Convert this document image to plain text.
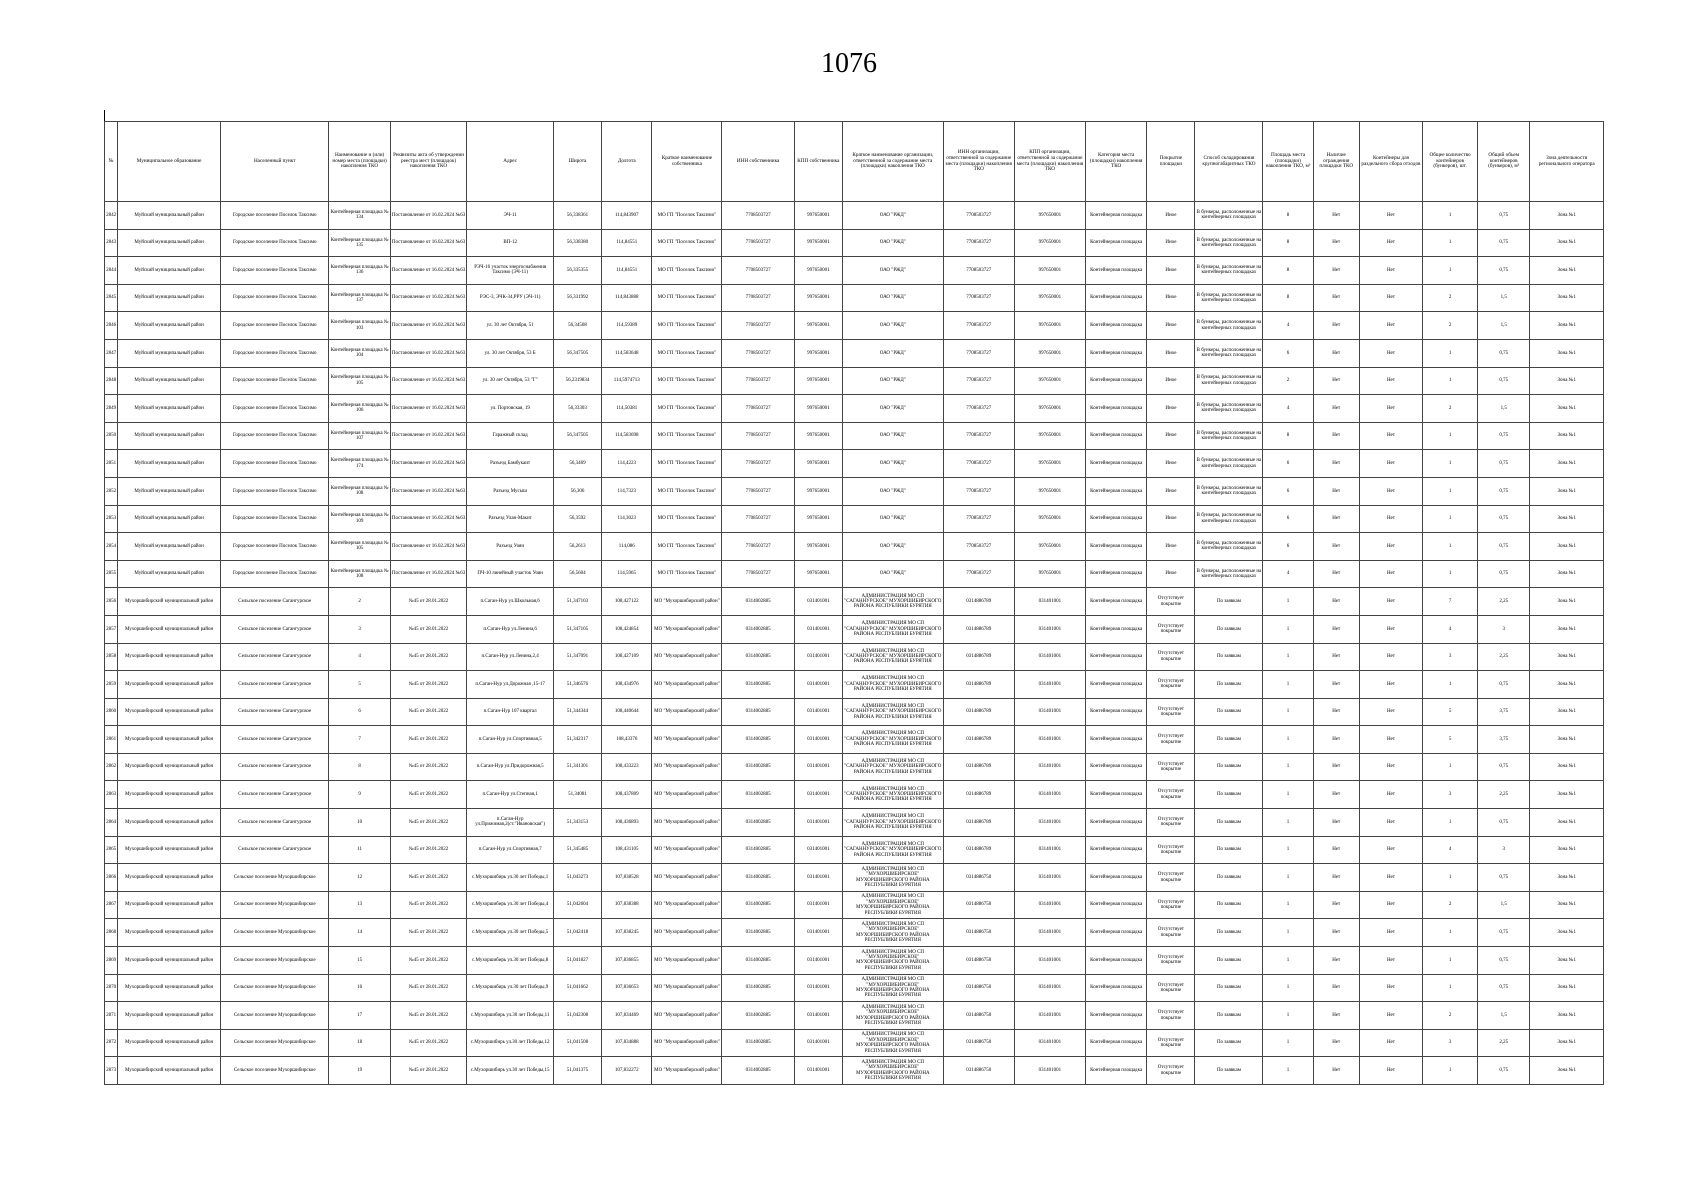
1076
№	Муниципальное образование	Населенный пункт	Наименование и (или) номер места (площадки) накопления ТКО	Реквизиты акта об утверждении реестра мест (площадок) накопления ТКО	Адрес	Широта	Долгота	Краткое наименование собственника	ИНН собственника	КПП собственника	Краткое наименование организации, ответственной за содержание места (площадки) накопления ТКО	ИНН организации, ответственной за содержание места (площадки) накопления ТКО	КПП организации, ответственной за содержание места (площадки) накопления ТКО	Категория места (площадки) накопления ТКО	Покрытие площадки	Способ складирования крупногабаритных ТКО	Площадь места (площадки) накопления ТКО, м²	Наличие ограждения площадки ТКО	Контейнеры для раздельного сбора отходов	Общее количество контейнеров (бункеров), шт.	Общий объем контейнеров (бункеров), м³	Зона деятельности регионального оператора
2842	Муйский муниципальный район	Городское поселение Поселок Таксимо	Контейнерная площадка № 134	Постановление от 16.02.2024 №63	ЭЧ-11	56,338361	114,843907	МО ГП "Поселок Таксимо"	7708503727	997650001	ОАО "РЖД"	7708503727	997650001	Контейнерная площадка	Иное	В бункеры, расположенные на контейнерных площадках	8	Нет	Нет	1	0,75	Зона №1
2843	Муйский муниципальный район	Городское поселение Поселок Таксимо	Контейнерная площадка № 135	Постановление от 16.02.2024 №63	ВП-12	56,338380	114,84551	МО ГП "Поселок Таксимо"	7708503727	997650001	ОАО "РЖД"	7708503727	997650001	Контейнерная площадка	Иное	В бункеры, расположенные на контейнерных площадках	8	Нет	Нет	1	0,75	Зона №1
2844	Муйский муниципальный район	Городское поселение Поселок Таксимо	Контейнерная площадка № 136	Постановление от 16.02.2024 №63	РЭЧ-16 участок энергоснабжения Таксимо (ЭЧ-11)	56,335355	114,84551	МО ГП "Поселок Таксимо"	7708503727	997650001	ОАО "РЖД"	7708503727	997650001	Контейнерная площадка	Иное	В бункеры, расположенные на контейнерных площадках	8	Нет	Нет	1	0,75	Зона №1
2845	Муйский муниципальный район	Городское поселение Поселок Таксимо	Контейнерная площадка № 137	Постановление от 16.02.2024 №63	РЭС-3, ЭЧК-34,РРУ (ЭЧ-11)	56,331992	114,843888	МО ГП "Поселок Таксимо"	7708503727	997650001	ОАО "РЖД"	7708503727	997650001	Контейнерная площадка	Иное	В бункеры, расположенные на контейнерных площадках	8	Нет	Нет	2	1,5	Зона №1
2846	Муйский муниципальный район	Городское поселение Поселок Таксимо	Контейнерная площадка № 103	Постановление от 16.02.2024 №63	ул. 30 лет Октября, 51	56,34508	114,59389	МО ГП "Поселок Таксимо"	7708503727	997650001	ОАО "РЖД"	7708503727	997650001	Контейнерная площадка	Иное	В бункеры, расположенные на контейнерных площадках	4	Нет	Нет	2	1,5	Зона №1
2847	Муйский муниципальный район	Городское поселение Поселок Таксимо	Контейнерная площадка № 104	Постановление от 16.02.2024 №63	ул. 30 лет Октября, 53 Б	56,347505	114,583648	МО ГП "Поселок Таксимо"	7708503727	997650001	ОАО "РЖД"	7708503727	997650001	Контейнерная площадка	Иное	В бункеры, расположенные на контейнерных площадках	6	Нет	Нет	1	0,75	Зона №1
2848	Муйский муниципальный район	Городское поселение Поселок Таксимо	Контейнерная площадка № 105	Постановление от 16.02.2024 №63	ул. 30 лет Октября, 53 "Г"	56,2319834	114,5974713	МО ГП "Поселок Таксимо"	7708503727	997650001	ОАО "РЖД"	7708503727	997650001	Контейнерная площадка	Иное	В бункеры, расположенные на контейнерных площадках	2	Нет	Нет	1	0,75	Зона №1
2849	Муйский муниципальный район	Городское поселение Поселок Таксимо	Контейнерная площадка № 106	Постановление от 16.02.2024 №63	ул. Портовская, 19	56,33303	114,50381	МО ГП "Поселок Таксимо"	7708503727	997650001	ОАО "РЖД"	7708503727	997650001	Контейнерная площадка	Иное	В бункеры, расположенные на контейнерных площадках	4	Нет	Нет	2	1,5	Зона №1
2850	Муйский муниципальный район	Городское поселение Поселок Таксимо	Контейнерная площадка № 107	Постановление от 16.02.2024 №63	Гаражный склад	56,347505	114,583698	МО ГП "Поселок Таксимо"	7708503727	997650001	ОАО "РЖД"	7708503727	997650001	Контейнерная площадка	Иное	В бункеры, расположенные на контейнерных площадках	8	Нет	Нет	1	0,75	Зона №1
2851	Муйский муниципальный район	Городское поселение Поселок Таксимо	Контейнерная площадка № 174	Постановление от 16.02.2024 №63	Разъезд Бамбукаит	56,3469	114,4223	МО ГП "Поселок Таксимо"	7708503727	997650001	ОАО "РЖД"	7708503727	997650001	Контейнерная площадка	Иное	В бункеры, расположенные на контейнерных площадках	6	Нет	Нет	1	0,75	Зона №1
2852	Муйский муниципальный район	Городское поселение Поселок Таксимо	Контейнерная площадка № 108	Постановление от 16.02.2024 №63	Разъезд Мусыш	56,306	114,7323	МО ГП "Поселок Таксимо"	7708503727	997650001	ОАО "РЖД"	7708503727	997650001	Контейнерная площадка	Иное	В бункеры, расположенные на контейнерных площадках	6	Нет	Нет	1	0,75	Зона №1
2853	Муйский муниципальный район	Городское поселение Поселок Таксимо	Контейнерная площадка № 109	Постановление от 16.02.2024 №63	Разъезд Улан-Макит	56,3592	114,3023	МО ГП "Поселок Таксимо"	7708503727	997650001	ОАО "РЖД"	7708503727	997650001	Контейнерная площадка	Иное	В бункеры, расположенные на контейнерных площадках	6	Нет	Нет	1	0,75	Зона №1
2854	Муйский муниципальный район	Городское поселение Поселок Таксимо	Контейнерная площадка № 105	Постановление от 16.02.2024 №63	Разъезд Уоян	56,2613	114,086	МО ГП "Поселок Таксимо"	7708503727	997650001	ОАО "РЖД"	7708503727	997650001	Контейнерная площадка	Иное	В бункеры, расположенные на контейнерных площадках	6	Нет	Нет	1	0,75	Зона №1
2855	Муйский муниципальный район	Городское поселение Поселок Таксимо	Контейнерная площадка № 108	Постановление от 16.02.2024 №63	ПЧ-10 линейный участок Уоян	56,5604	114,5965	МО ГП "Поселок Таксимо"	7708503727	997650001	ОАО "РЖД"	7708503727	997650001	Контейнерная площадка	Иное	В бункеры, расположенные на контейнерных площадках	4	Нет	Нет	1	0,75	Зона №1
2856	Мухоршибирский муниципальный район	Сельское поселение Сагангурское	2	№45 от 28.01.2022	п.Саган-Нур ул.Школьная,6	51,347103	108,427122	МО "Мухоршибирский район"	0314002885	031401001	АДМИНИСТРАЦИЯ МО СП "САГАННУРСКОЕ" МУХОРШИБИРСКОГО РАЙОНА РЕСПУБЛИКИ БУРЯТИЯ	0314886789	031401001	Контейнерная площадка	Отсутствует покрытие	По заявкам	1	Нет	Нет	7	2,25	Зона №1
2857	Мухоршибирский муниципальный район	Сельское поселение Сагангурское	3	№45 от 28.01.2022	п.Саган-Нур ул.Ленина,6	51,347105	108,424854	МО "Мухоршибирский район"	0314002885	031401001	АДМИНИСТРАЦИЯ МО СП "САГАННУРСКОЕ" МУХОРШИБИРСКОГО РАЙОНА РЕСПУБЛИКИ БУРЯТИЯ	0314886789	031401001	Контейнерная площадка	Отсутствует покрытие	По заявкам	1	Нет	Нет	4	3	Зона №1
2858	Мухоршибирский муниципальный район	Сельское поселение Сагангурское	4	№45 от 28.01.2022	п.Саган-Нур ул.Ленина,2,4	51,347091	108,427109	МО "Мухоршибирский район"	0314002885	031401001	АДМИНИСТРАЦИЯ МО СП "САГАННУРСКОЕ" МУХОРШИБИРСКОГО РАЙОНА РЕСПУБЛИКИ БУРЯТИЯ	0314886789	031401001	Контейнерная площадка	Отсутствует покрытие	По заявкам	1	Нет	Нет	3	2,25	Зона №1
2859	Мухоршибирский муниципальный район	Сельское поселение Сагангурское	5	№45 от 28.01.2022	п.Саган-Нур ул.Дорожная ,15-17	51,346576	108,434976	МО "Мухоршибирский район"	0314002885	031401001	АДМИНИСТРАЦИЯ МО СП "САГАННУРСКОЕ" МУХОРШИБИРСКОГО РАЙОНА РЕСПУБЛИКИ БУРЯТИЯ	0314886789	031401001	Контейнерная площадка	Отсутствует покрытие	По заявкам	1	Нет	Нет	1	0,75	Зона №1
2860	Мухоршибирский муниципальный район	Сельское поселение Сагангурское	6	№45 от 28.01.2022	п.Саган-Нур 107 квартал	51,344344	108,440644	МО "Мухоршибирский район"	0314002885	031401001	АДМИНИСТРАЦИЯ МО СП "САГАННУРСКОЕ" МУХОРШИБИРСКОГО РАЙОНА РЕСПУБЛИКИ БУРЯТИЯ	0314886789	031401001	Контейнерная площадка	Отсутствует покрытие	По заявкам	1	Нет	Нет	5	3,75	Зона №1
2861	Мухоршибирский муниципальный район	Сельское поселение Сагангурское	7	№45 от 28.01.2022	п.Саган-Нур ул.Спортивная,5	51,342317	108,43376	МО "Мухоршибирский район"	0314002885	031401001	АДМИНИСТРАЦИЯ МО СП "САГАННУРСКОЕ" МУХОРШИБИРСКОГО РАЙОНА РЕСПУБЛИКИ БУРЯТИЯ	0314886789	031401001	Контейнерная площадка	Отсутствует покрытие	По заявкам	1	Нет	Нет	5	3,75	Зона №1
2862	Мухоршибирский муниципальный район	Сельское поселение Сагангурское	8	№45 от 28.01.2022	п.Саган-Нур ул.Придорожная,5	51,341301	108,433223	МО "Мухоршибирский район"	0314002885	031401001	АДМИНИСТРАЦИЯ МО СП "САГАННУРСКОЕ" МУХОРШИБИРСКОГО РАЙОНА РЕСПУБЛИКИ БУРЯТИЯ	0314886789	031401001	Контейнерная площадка	Отсутствует покрытие	По заявкам	1	Нет	Нет	1	0,75	Зона №1
2863	Мухоршибирский муниципальный район	Сельское поселение Сагангурское	9	№45 от 28.01.2022	п.Саган-Нур ул.Степная,1	51,34081	108,437809	МО "Мухоршибирский район"	0314002885	031401001	АДМИНИСТРАЦИЯ МО СП "САГАННУРСКОЕ" МУХОРШИБИРСКОГО РАЙОНА РЕСПУБЛИКИ БУРЯТИЯ	0314886789	031401001	Контейнерная площадка	Отсутствует покрытие	По заявкам	1	Нет	Нет	3	2,25	Зона №1
2864	Мухоршибирский муниципальный район	Сельское поселение Сагангурское	10	№45 от 28.01.2022	п.Саган-Нур ул.Прижимая,2(ст."Ивановская")	51,343153	108,436893	МО "Мухоршибирский район"	0314002885	031401001	АДМИНИСТРАЦИЯ МО СП "САГАННУРСКОЕ" МУХОРШИБИРСКОГО РАЙОНА РЕСПУБЛИКИ БУРЯТИЯ	0314886789	031401001	Контейнерная площадка	Отсутствует покрытие	По заявкам	1	Нет	Нет	1	0,75	Зона №1
2865	Мухоршибирский муниципальный район	Сельское поселение Сагангурское	11	№45 от 28.01.2022	п.Саган-Нур ул.Спортивная,7	51,345485	108,431105	МО "Мухоршибирский район"	0314002885	031401001	АДМИНИСТРАЦИЯ МО СП "САГАННУРСКОЕ" МУХОРШИБИРСКОГО РАЙОНА РЕСПУБЛИКИ БУРЯТИЯ	0314886789	031401001	Контейнерная площадка	Отсутствует покрытие	По заявкам	1	Нет	Нет	4	3	Зона №1
2866	Мухоршибирский муниципальный район	Сельское поселение Мухоршибирское	12	№45 от 28.01.2022	с.Мухоршибирь ул.30 лет Победы,1	51,043273	107,838528	МО "Мухоршибирский район"	0314002885	031401001	АДМИНИСТРАЦИЯ МО СП "МУХОРШИБИРСКОЕ" МУХОРШИБИРСКОГО РАЙОНА РЕСПУБЛИКИ БУРЯТИЯ	0314886750	031401001	Контейнерная площадка	Отсутствует покрытие	По заявкам	1	Нет	Нет	1	0,75	Зона №1
2867	Мухоршибирский муниципальный район	Сельское поселение Мухоршибирское	13	№45 от 28.01.2022	с.Мухоршибирь ул.30 лет Победы,4	51,042604	107,838388	МО "Мухоршибирский район"	0314002885	031401001	АДМИНИСТРАЦИЯ МО СП "МУХОРШИБИРСКОЕ" МУХОРШИБИРСКОГО РАЙОНА РЕСПУБЛИКИ БУРЯТИЯ	0314886750	031401001	Контейнерная площадка	Отсутствует покрытие	По заявкам	1	Нет	Нет	2	1,5	Зона №1
2868	Мухоршибирский муниципальный район	Сельское поселение Мухоршибирское	14	№45 от 28.01.2022	с.Мухоршибирь ул.30 лет Победы,5	51,042418	107,838245	МО "Мухоршибирский район"	0314002885	031401001	АДМИНИСТРАЦИЯ МО СП "МУХОРШИБИРСКОЕ" МУХОРШИБИРСКОГО РАЙОНА РЕСПУБЛИКИ БУРЯТИЯ	0314886750	031401001	Контейнерная площадка	Отсутствует покрытие	По заявкам	1	Нет	Нет	1	0,75	Зона №1
2869	Мухоршибирский муниципальный район	Сельское поселение Мухоршибирское	15	№45 от 28.01.2022	с.Мухоршибирь ул.30 лет Победы,8	51,041827	107,836855	МО "Мухоршибирский район"	0314002885	031401001	АДМИНИСТРАЦИЯ МО СП "МУХОРШИБИРСКОЕ" МУХОРШИБИРСКОГО РАЙОНА РЕСПУБЛИКИ БУРЯТИЯ	0314886750	031401001	Контейнерная площадка	Отсутствует покрытие	По заявкам	1	Нет	Нет	1	0,75	Зона №1
2870	Мухоршибирский муниципальный район	Сельское поселение Мухоршибирское	16	№45 от 28.01.2022	с.Мухоршибирь ул.30 лет Победы,9	51,041662	107,836653	МО "Мухоршибирский район"	0314002885	031401001	АДМИНИСТРАЦИЯ МО СП "МУХОРШИБИРСКОЕ" МУХОРШИБИРСКОГО РАЙОНА РЕСПУБЛИКИ БУРЯТИЯ	0314886750	031401001	Контейнерная площадка	Отсутствует покрытие	По заявкам	1	Нет	Нет	1	0,75	Зона №1
2871	Мухоршибирский муниципальный район	Сельское поселение Мухоршибирское	17	№45 от 28.01.2022	с.Мухоршибирь ул.30 лет Победы,11	51,042308	107,834469	МО "Мухоршибирский район"	0314002885	031401001	АДМИНИСТРАЦИЯ МО СП "МУХОРШИБИРСКОЕ" МУХОРШИБИРСКОГО РАЙОНА РЕСПУБЛИКИ БУРЯТИЯ	0314886750	031401001	Контейнерная площадка	Отсутствует покрытие	По заявкам	1	Нет	Нет	2	1,5	Зона №1
2872	Мухоршибирский муниципальный район	Сельское поселение Мухоршибирское	18	№45 от 28.01.2022	с.Мухоршибирь ул.30 лет Победы,12	51,041508	107,834888	МО "Мухоршибирский район"	0314002885	031401001	АДМИНИСТРАЦИЯ МО СП "МУХОРШИБИРСКОЕ" МУХОРШИБИРСКОГО РАЙОНА РЕСПУБЛИКИ БУРЯТИЯ	0314886750	031401001	Контейнерная площадка	Отсутствует покрытие	По заявкам	1	Нет	Нет	3	2,25	Зона №1
2873	Мухоршибирский муниципальный район	Сельское поселение Мухоршибирское	19	№45 от 28.01.2022	с.Мухоршибирь ул.30 лет Победы,15	51,041375	107,832272	МО "Мухоршибирский район"	0314002885	031401001	АДМИНИСТРАЦИЯ МО СП "МУХОРШИБИРСКОЕ" МУХОРШИБИРСКОГО РАЙОНА РЕСПУБЛИКИ БУРЯТИЯ	0314886750	031401001	Контейнерная площадка	Отсутствует покрытие	По заявкам	1	Нет	Нет	1	0,75	Зона №1
